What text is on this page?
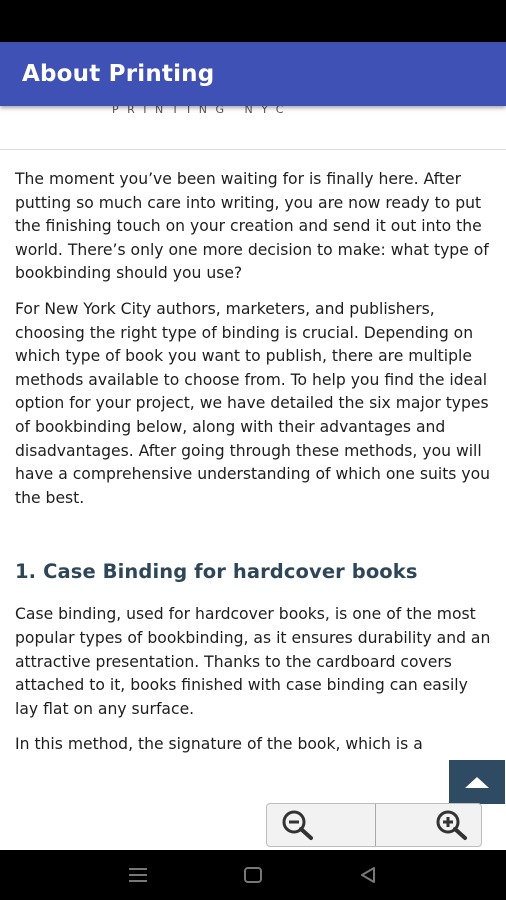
About Printing
PRINTING NYC

The moment you’ve been waiting for is finally here. After putting so much care into writing, you are now ready to put the finishing touch on your creation and send it out into the world. There’s only one more decision to make: what type of bookbinding should you use?

For New York City authors, marketers, and publishers, choosing the right type of binding is crucial. Depending on which type of book you want to publish, there are multiple methods available to choose from. To help you find the ideal option for your project, we have detailed the six major types of bookbinding below, along with their advantages and disadvantages. After going through these methods, you will have a comprehensive understanding of which one suits you the best.

1. Case Binding for hardcover books

Case binding, used for hardcover books, is one of the most popular types of bookbinding, as it ensures durability and an attractive presentation. Thanks to the cardboard covers attached to it, books finished with case binding can easily lay flat on any surface.

In this method, the signature of the book, which is a
